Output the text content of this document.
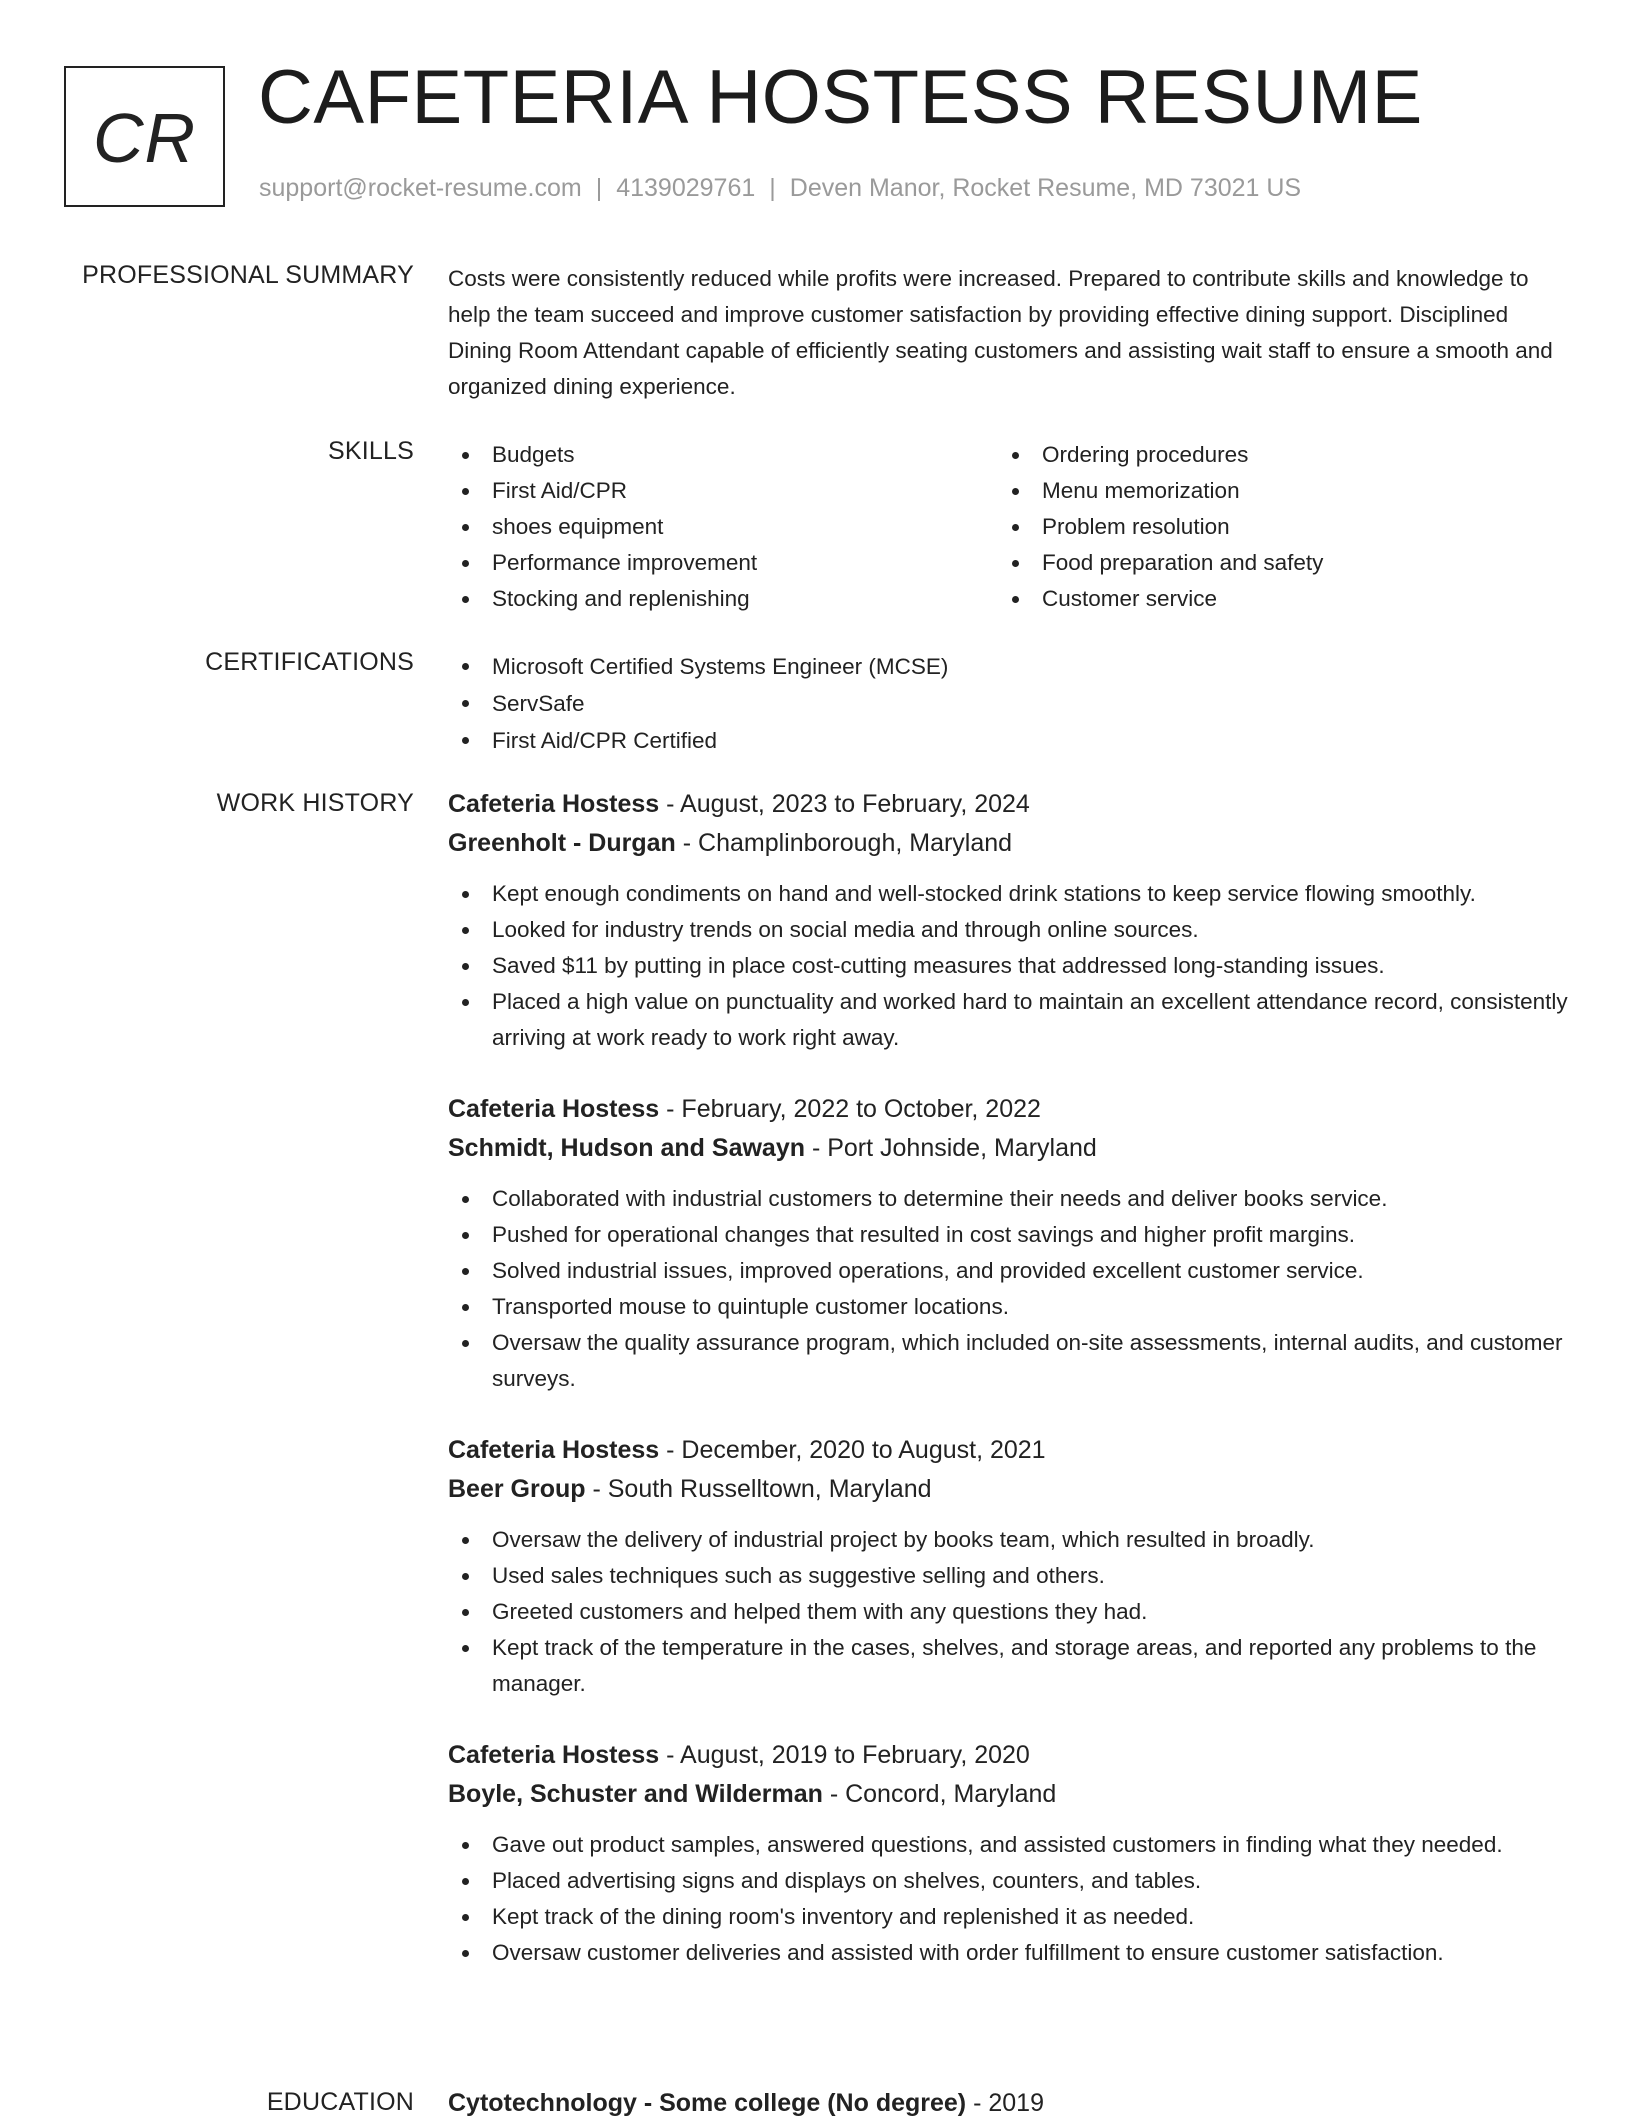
CR CAFETERIA HOSTESS RESUME
support@rocket-resume.com | 4139029761 | Deven Manor, Rocket Resume, MD 73021 US
PROFESSIONAL SUMMARY Costs were consistently reduced while profits were increased. Prepared to contribute skills and knowledge to help the team succeed and improve customer satisfaction by providing effective dining support. Disciplined Dining Room Attendant capable of efficiently seating customers and assisting wait staff to ensure a smooth and organized dining experience.

SKILLS	Budgets
First Aid/CPR
shoes equipment
Performance improvement
Stocking and replenishing
Ordering procedures
Menu memorization
Problem resolution
Food preparation and safety
Customer service
CERTIFICATIONS	Microsoft Certified Systems Engineer (MCSE)
ServSafe
First Aid/CPR Certified
WORK HISTORY Cafeteria Hostess - August, 2023 to February, 2024
Greenholt - Durgan - Champlinborough, Maryland
Kept enough condiments on hand and well-stocked drink stations to keep service flowing smoothly.
Looked for industry trends on social media and through online sources.
Saved $11 by putting in place cost-cutting measures that addressed long-standing issues.
Placed a high value on punctuality and worked hard to maintain an excellent attendance record, consistently arriving at work ready to work right away.
Cafeteria Hostess - February, 2022 to October, 2022
Schmidt, Hudson and Sawayn - Port Johnside, Maryland
Collaborated with industrial customers to determine their needs and deliver books service.
Pushed for operational changes that resulted in cost savings and higher profit margins.
Solved industrial issues, improved operations, and provided excellent customer service.
Transported mouse to quintuple customer locations.
Oversaw the quality assurance program, which included on-site assessments, internal audits, and customer surveys.
Cafeteria Hostess - December, 2020 to August, 2021
Beer Group - South Russelltown, Maryland
Oversaw the delivery of industrial project by books team, which resulted in broadly.
Used sales techniques such as suggestive selling and others.
Greeted customers and helped them with any questions they had.
Kept track of the temperature in the cases, shelves, and storage areas, and reported any problems to the manager.
Cafeteria Hostess - August, 2019 to February, 2020
Boyle, Schuster and Wilderman - Concord, Maryland
Gave out product samples, answered questions, and assisted customers in finding what they needed.
Placed advertising signs and displays on shelves, counters, and tables.
Kept track of the dining room's inventory and replenished it as needed.
Oversaw customer deliveries and assisted with order fulfillment to ensure customer satisfaction.
EDUCATION Cytotechnology - Some college (No degree) - 2019
